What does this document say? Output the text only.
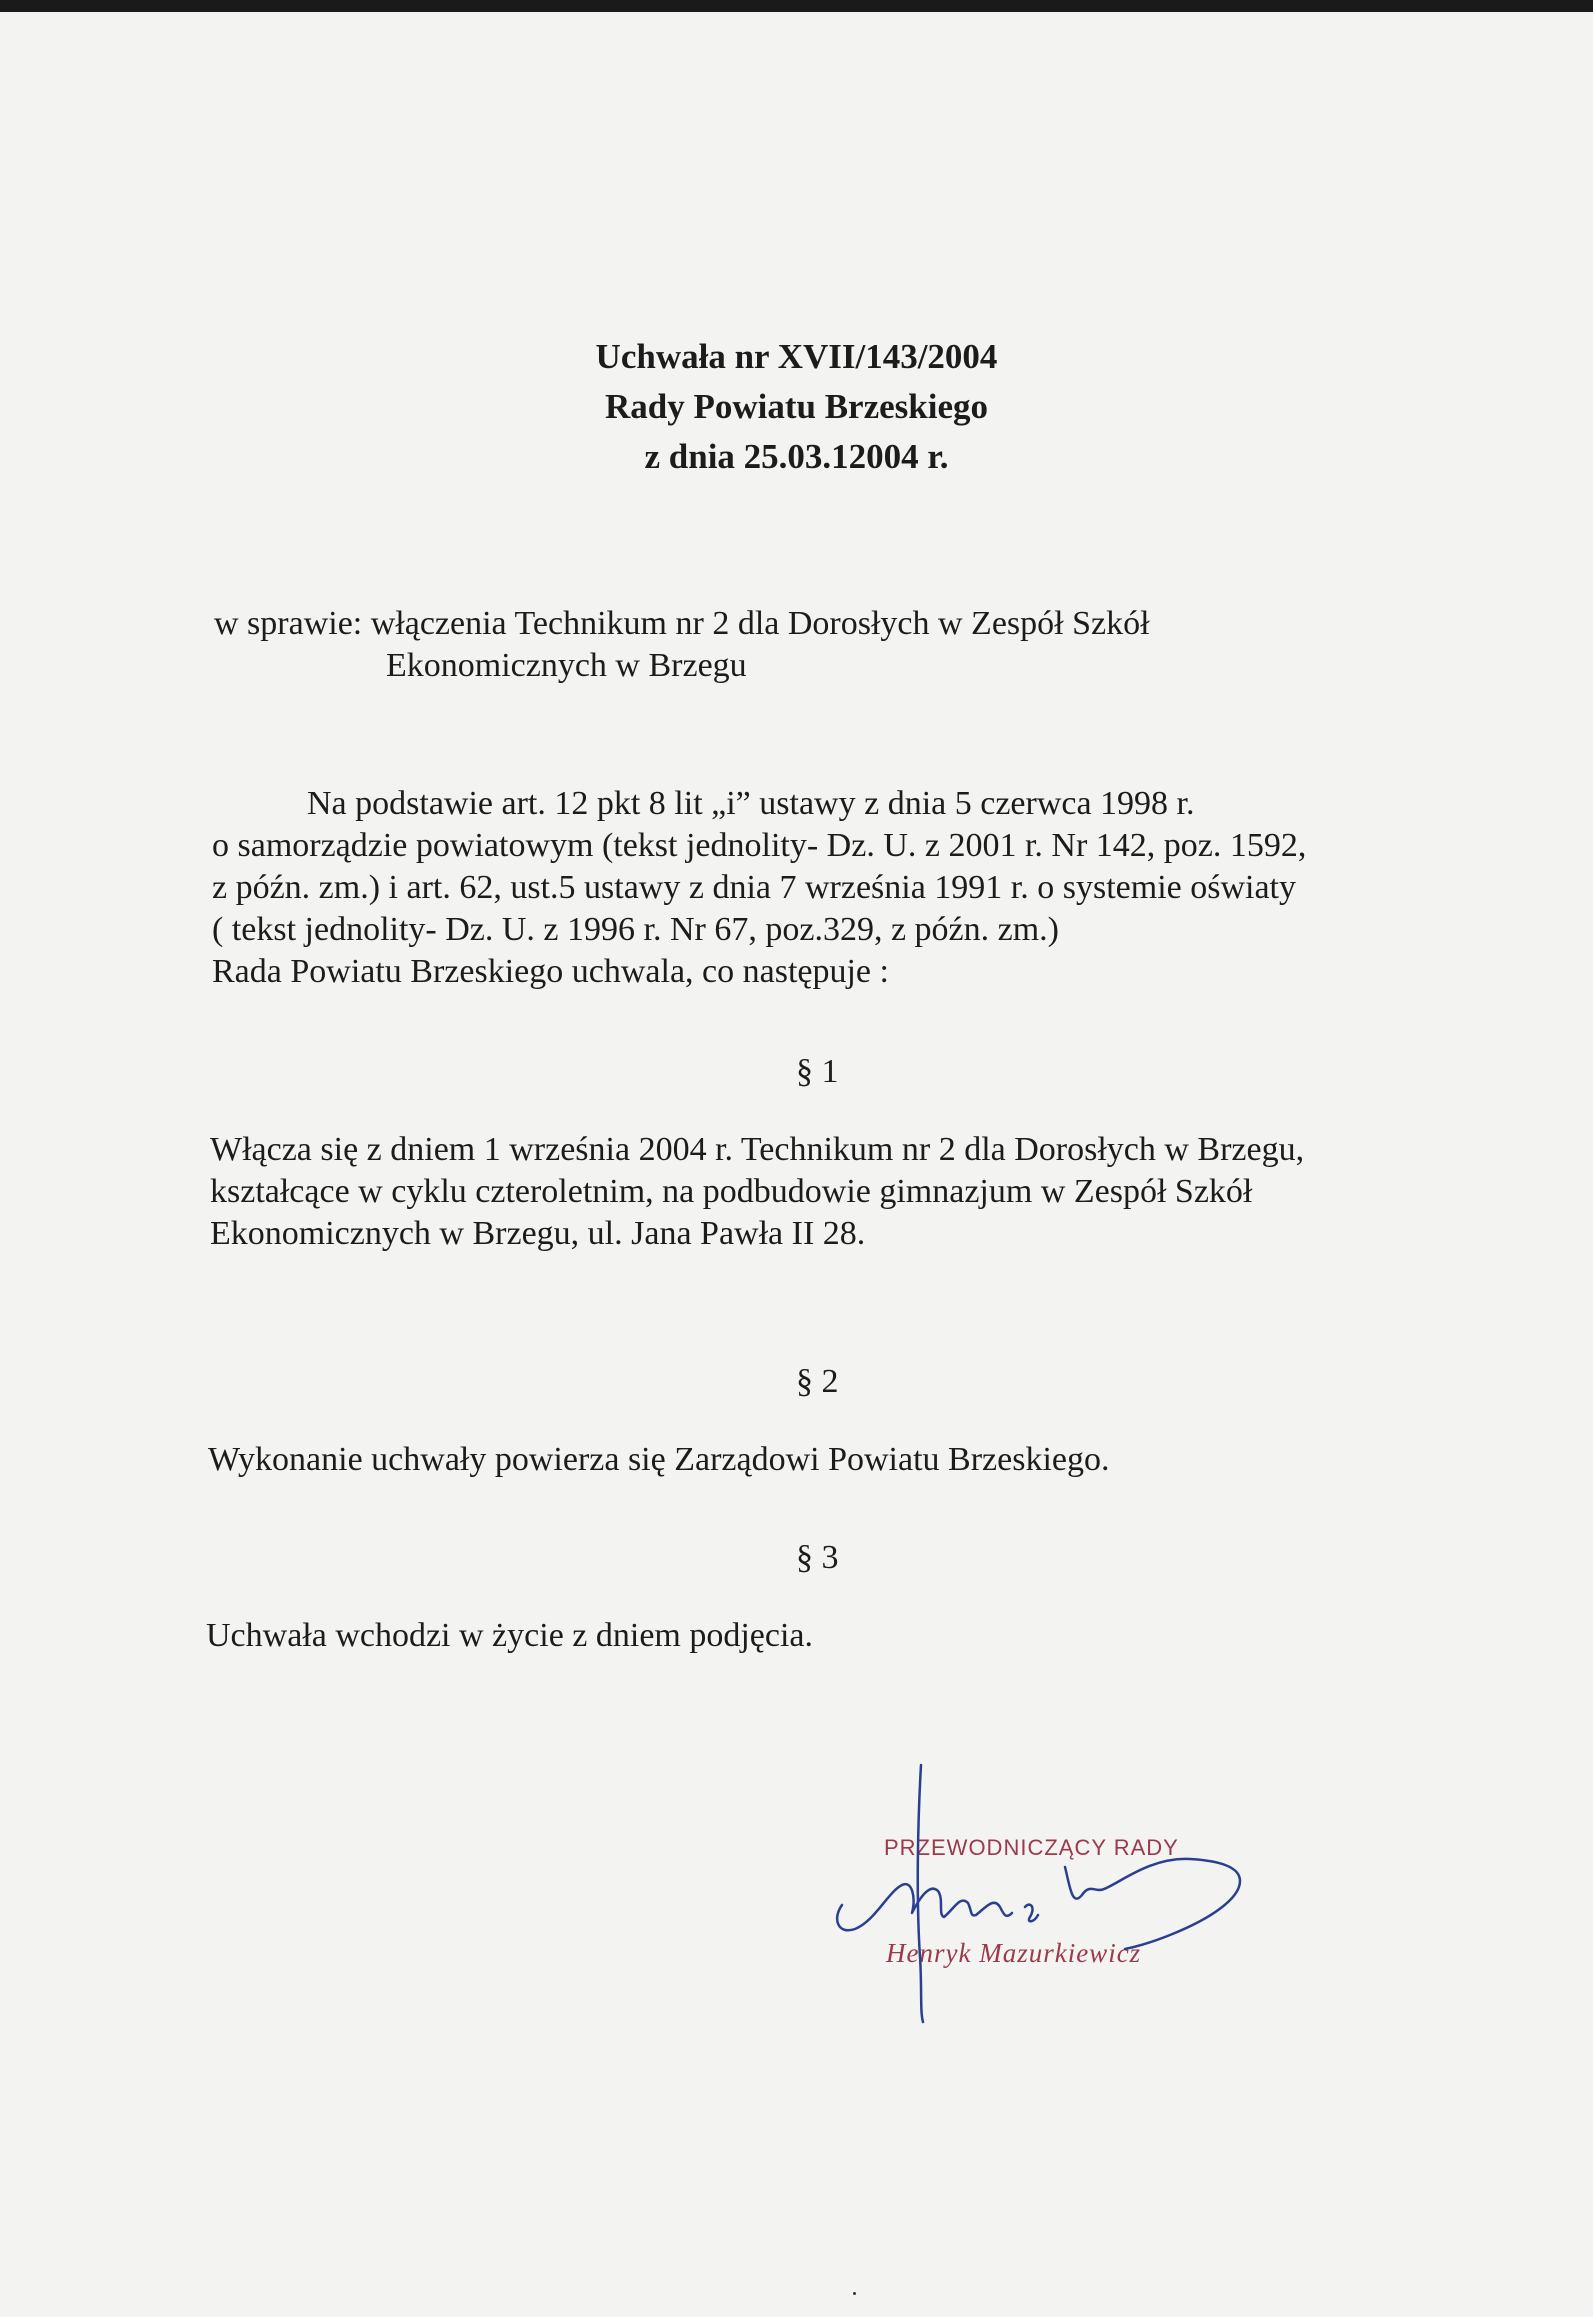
Uchwała nr XVII/143/2004
Rady Powiatu Brzeskiego
z dnia 25.03.12004 r.
w sprawie: włączenia Technikum nr 2 dla Dorosłych w Zespół Szkół
Ekonomicznych w Brzegu
Na podstawie art. 12 pkt 8 lit „i” ustawy z dnia 5 czerwca 1998 r.
o samorządzie powiatowym (tekst jednolity- Dz. U. z 2001 r. Nr 142, poz. 1592,
z późn. zm.) i art. 62, ust.5 ustawy z dnia 7 września 1991 r. o systemie oświaty
( tekst jednolity- Dz. U. z 1996 r. Nr 67, poz.329, z późn. zm.)
Rada Powiatu Brzeskiego uchwala, co następuje :
§ 1
Włącza się z dniem 1 września 2004 r. Technikum nr 2 dla Dorosłych w Brzegu,
kształcące w cyklu czteroletnim, na podbudowie gimnazjum w Zespół Szkół
Ekonomicznych w Brzegu, ul. Jana Pawła II 28.
§ 2
Wykonanie uchwały powierza się Zarządowi Powiatu Brzeskiego.
§ 3
Uchwała wchodzi w życie z dniem podjęcia.
PRZEWODNICZĄCY RADY
Henryk Mazurkiewicz
